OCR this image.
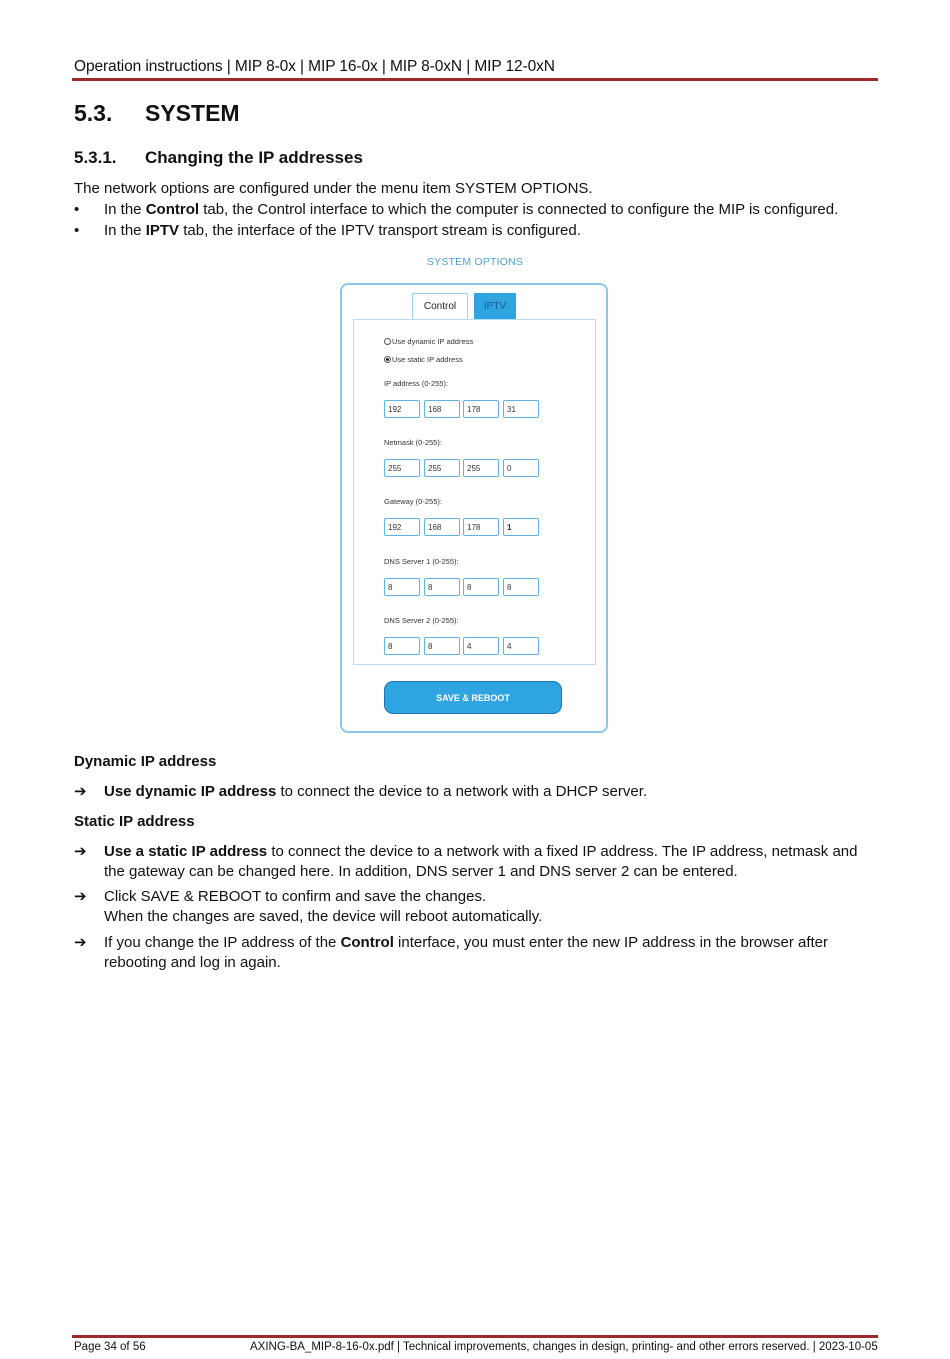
Operation instructions | MIP 8-0x | MIP 16-0x | MIP 8-0xN | MIP 12-0xN
5.3. SYSTEM
5.3.1. Changing the IP addresses
The network options are configured under the menu item SYSTEM OPTIONS.
• In the Control tab, the Control interface to which the computer is connected to configure the MIP is configured.
• In the IPTV tab, the interface of the IPTV transport stream is configured.
SYSTEM OPTIONS
Control	IPTV
Use dynamic IP address
Use static IP address
IP address (0-255):
192	168	178	31
Netmask (0-255):
255	255	255	0
Gateway (0-255):
192	168	178	1
DNS Server 1 (0-255):
8	8	8	8
DNS Server 2 (0-255):
8	8	4	4
SAVE & REBOOT
Dynamic IP address
➔ Use dynamic IP address to connect the device to a network with a DHCP server.
Static IP address
➔ Use a static IP address to connect the device to a network with a fixed IP address. The IP address, netmask and the gateway can be changed here. In addition, DNS server 1 and DNS server 2 can be entered.
➔ Click SAVE & REBOOT to confirm and save the changes.
When the changes are saved, the device will reboot automatically.
➔ If you change the IP address of the Control interface, you must enter the new IP address in the browser after rebooting and log in again.
Page 34 of 56	AXING-BA_MIP-8-16-0x.pdf | Technical improvements, changes in design, printing- and other errors reserved. | 2023-10-05
